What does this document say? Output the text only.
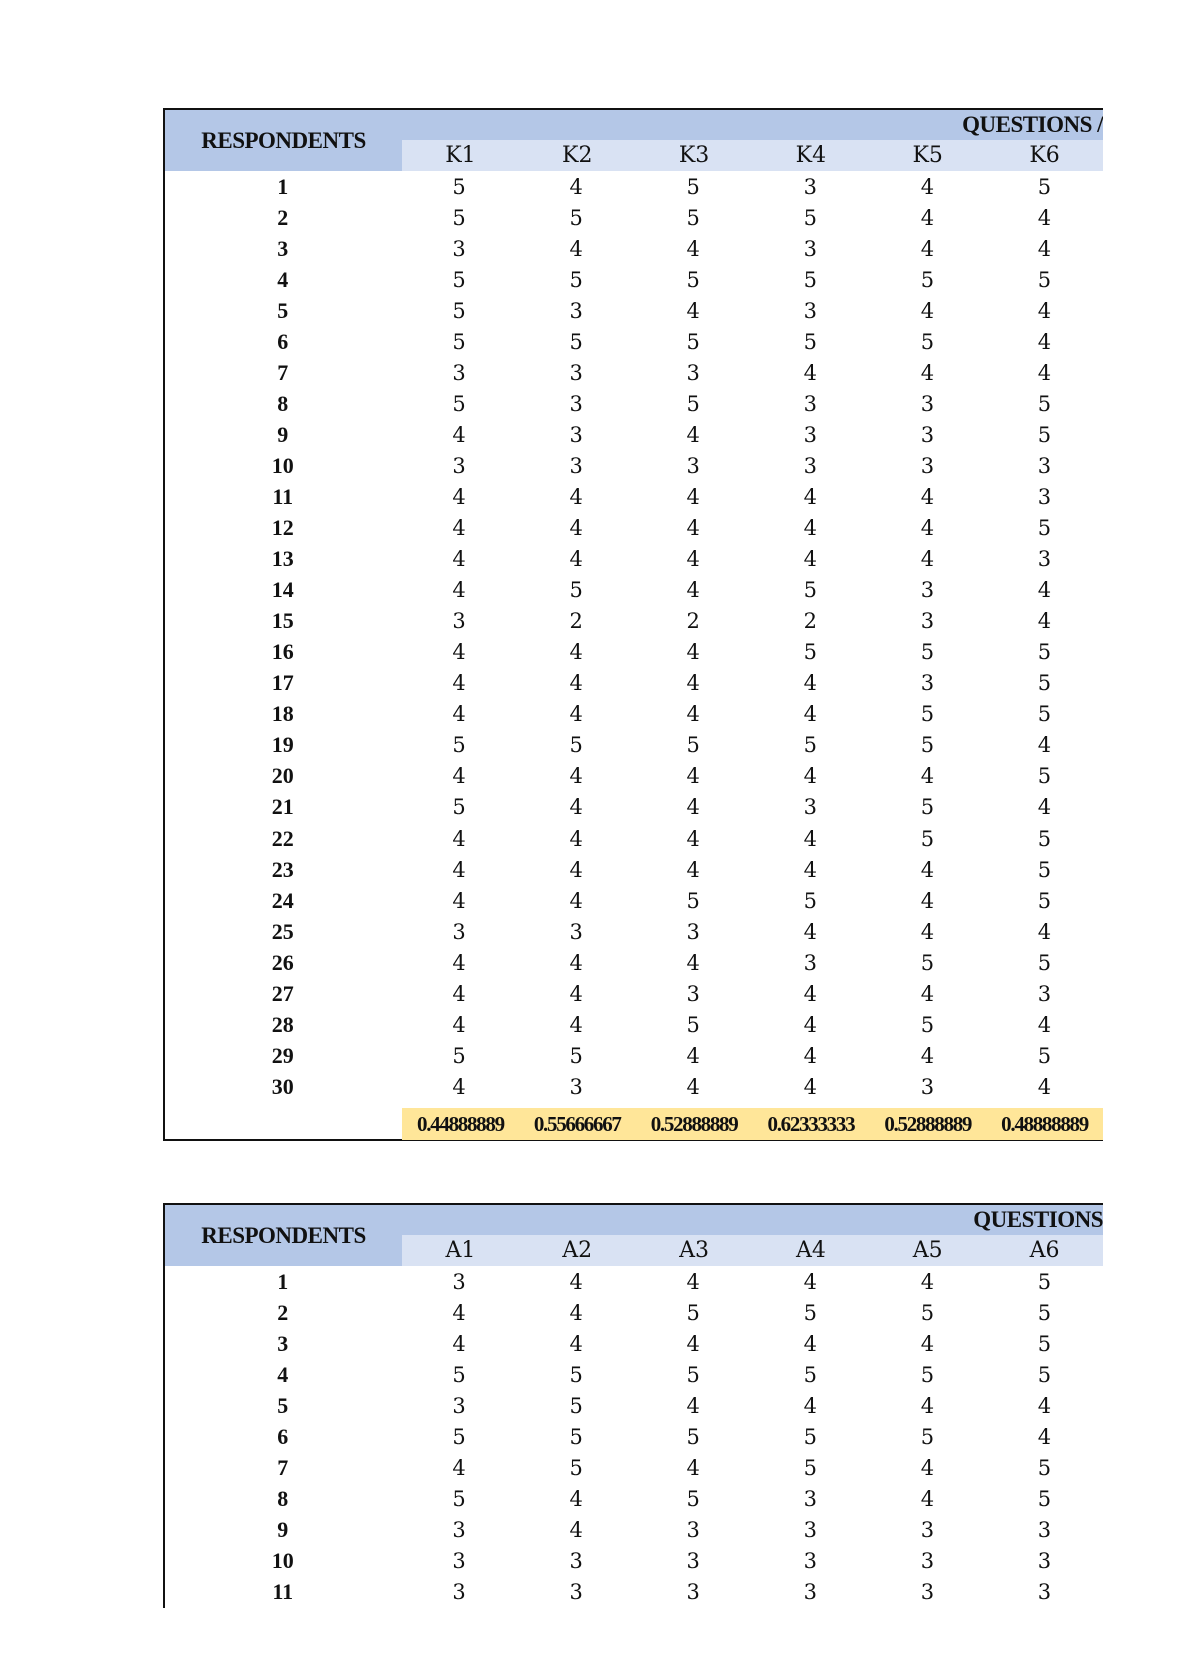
RESPONDENTS
QUESTIONS /
K1	K2	K3	K4	K5	K6
1	5	4	5	3	4	5
2	5	5	5	5	4	4
3	3	4	4	3	4	4
4	5	5	5	5	5	5
5	5	3	4	3	4	4
6	5	5	5	5	5	4
7	3	3	3	4	4	4
8	5	3	5	3	3	5
9	4	3	4	3	3	5
10	3	3	3	3	3	3
11	4	4	4	4	4	3
12	4	4	4	4	4	5
13	4	4	4	4	4	3
14	4	5	4	5	3	4
15	3	2	2	2	3	4
16	4	4	4	5	5	5
17	4	4	4	4	3	5
18	4	4	4	4	5	5
19	5	5	5	5	5	4
20	4	4	4	4	4	5
21	5	4	4	3	5	4
22	4	4	4	4	5	5
23	4	4	4	4	4	5
24	4	4	5	5	4	5
25	3	3	3	4	4	4
26	4	4	4	3	5	5
27	4	4	3	4	4	3
28	4	4	5	4	5	4
29	5	5	4	4	4	5
30	4	3	4	4	3	4
0.44888889	0.55666667	0.52888889	0.62333333	0.52888889	0.48888889
RESPONDENTS
QUESTIONS
A1	A2	A3	A4	A5	A6
1	3	4	4	4	4	5
2	4	4	5	5	5	5
3	4	4	4	4	4	5
4	5	5	5	5	5	5
5	3	5	4	4	4	4
6	5	5	5	5	5	4
7	4	5	4	5	4	5
8	5	4	5	3	4	5
9	3	4	3	3	3	3
10	3	3	3	3	3	3
11	3	3	3	3	3	3
